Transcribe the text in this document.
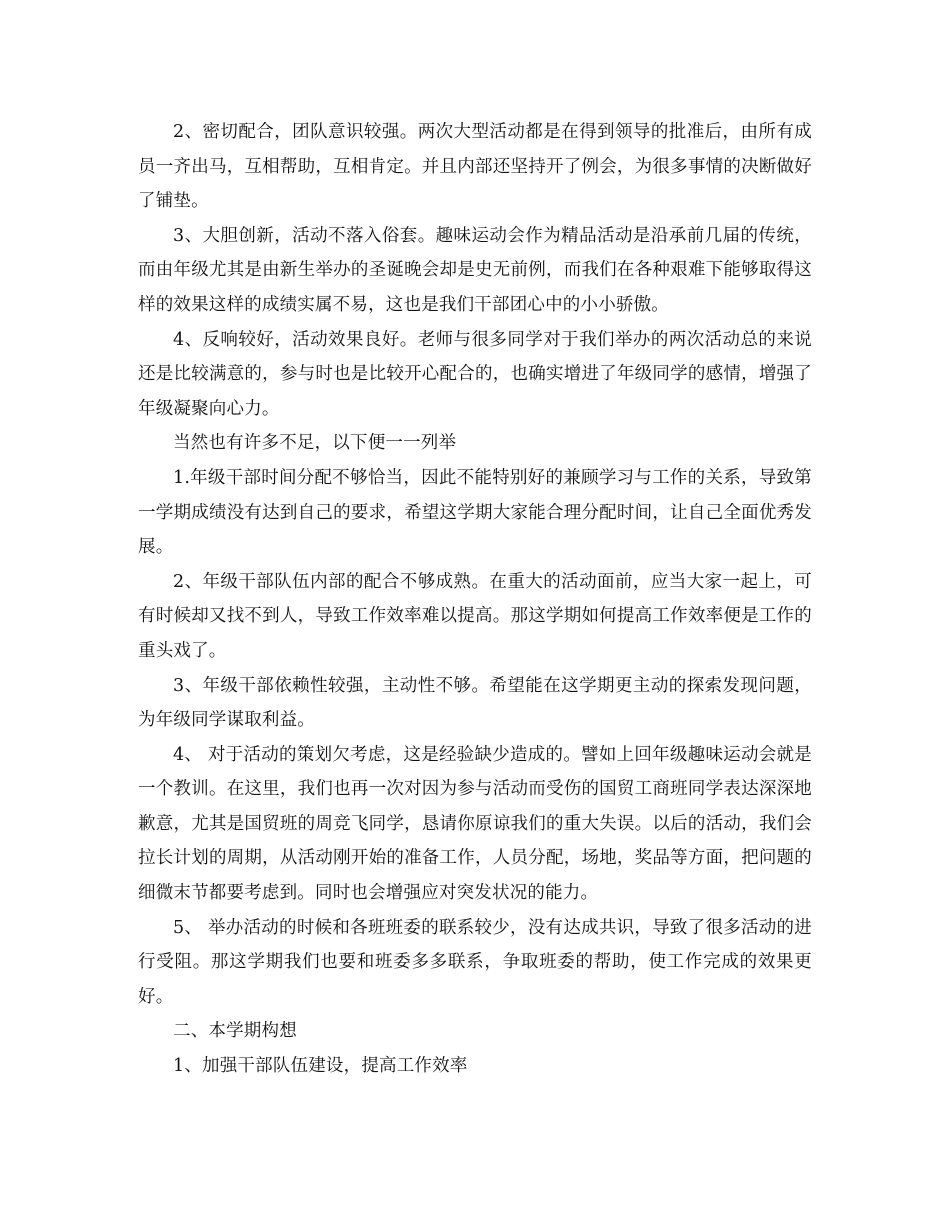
2、密切配合，团队意识较强。两次大型活动都是在得到领导的批准后，由所有成员一齐出马，互相帮助，互相肯定。并且内部还坚持开了例会，为很多事情的决断做好了铺垫。

3、大胆创新，活动不落入俗套。趣味运动会作为精品活动是沿承前几届的传统，而由年级尤其是由新生举办的圣诞晚会却是史无前例，而我们在各种艰难下能够取得这样的效果这样的成绩实属不易，这也是我们干部团心中的小小骄傲。

4、反响较好，活动效果良好。老师与很多同学对于我们举办的两次活动总的来说还是比较满意的，参与时也是比较开心配合的，也确实增进了年级同学的感情，增强了年级凝聚向心力。

当然也有许多不足，以下便一一列举

1.年级干部时间分配不够恰当，因此不能特别好的兼顾学习与工作的关系，导致第一学期成绩没有达到自己的要求，希望这学期大家能合理分配时间，让自己全面优秀发展。

2、年级干部队伍内部的配合不够成熟。在重大的活动面前，应当大家一起上，可有时候却又找不到人，导致工作效率难以提高。那这学期如何提高工作效率便是工作的重头戏了。

3、年级干部依赖性较强，主动性不够。希望能在这学期更主动的探索发现问题，为年级同学谋取利益。

4、 对于活动的策划欠考虑，这是经验缺少造成的。譬如上回年级趣味运动会就是一个教训。在这里，我们也再一次对因为参与活动而受伤的国贸工商班同学表达深深地歉意，尤其是国贸班的周竞飞同学，恳请你原谅我们的重大失误。以后的活动，我们会拉长计划的周期，从活动刚开始的准备工作，人员分配，场地，奖品等方面，把问题的细微末节都要考虑到。同时也会增强应对突发状况的能力。

5、 举办活动的时候和各班班委的联系较少，没有达成共识，导致了很多活动的进行受阻。那这学期我们也要和班委多多联系，争取班委的帮助，使工作完成的效果更好。

二、本学期构想

1、加强干部队伍建设，提高工作效率
